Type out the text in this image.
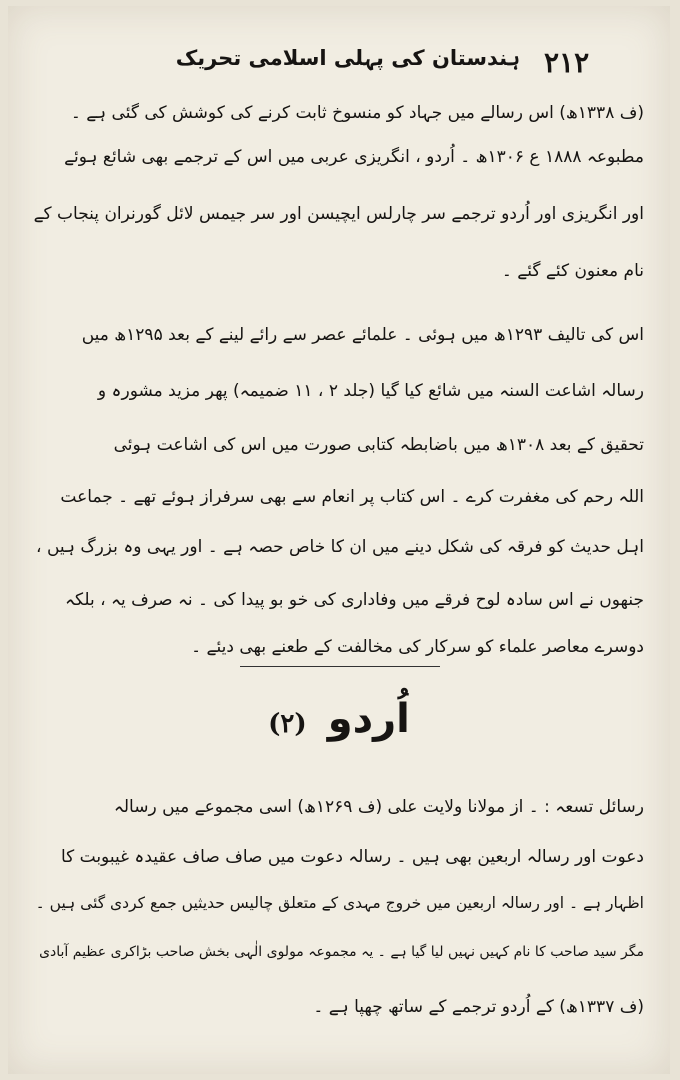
۲۱۲
ہندستان کی پہلی اسلامی تحریک
(ف ۱۳۳۸ھ) اس رسالے میں جہاد کو منسوخ ثابت کرنے کی کوشش کی گئی ہے ۔
مطبوعہ ۱۸۸۸ ع ۱۳۰۶ھ ۔ اُردو ، انگریزی عربی میں اس کے ترجمے بھی شائع ہوئے
اور انگریزی اور اُردو ترجمے سر چارلس ایچیسن اور سر جیمس لائل گورنران پنجاب کے
نام معنون کئے گئے ۔
اس کی تالیف ۱۲۹۳ھ میں ہوئی ۔ علمائے عصر سے رائے لینے کے بعد ۱۲۹۵ھ میں
رسالہ اشاعت السنہ میں شائع کیا گیا (جلد ۲ ، ۱۱ ضمیمہ) پھر مزید مشورہ و
تحقیق کے بعد ۱۳۰۸ھ میں باضابطہ کتابی صورت میں اس کی اشاعت ہوئی
اللہ رحم کی مغفرت کرے ۔ اس کتاب پر انعام سے بھی سرفراز ہوئے تھے ۔ جماعت
اہل حدیث کو فرقہ کی شکل دینے میں ان کا خاص حصہ ہے ۔ اور یہی وہ بزرگ ہیں ،
جنھوں نے اس سادہ لوح فرقے میں وفاداری کی خو بو پیدا کی ۔ نہ صرف یہ ، بلکہ
دوسرے معاصر علماء کو سرکار کی مخالفت کے طعنے بھی دیئے ۔
اُردو (۲)
رسائل تسعہ : ۔ از مولانا ولایت علی (ف ۱۲۶۹ھ) اسی مجموعے میں رسالہ
دعوت اور رسالہ اربعین بھی ہیں ۔ رسالہ دعوت میں صاف صاف عقیدہ غیبوبت کا
اظہار ہے ۔ اور رسالہ اربعین میں خروج مہدی کے متعلق چالیس حدیثیں جمع کردی گئی ہیں ۔
مگر سید صاحب کا نام کہیں نہیں لیا گیا ہے ۔ یہ مجموعہ مولوی الٰہی بخش صاحب بڑاکری عظیم آبادی
(ف ۱۳۳۷ھ) کے اُردو ترجمے کے ساتھ چھپا ہے ۔
